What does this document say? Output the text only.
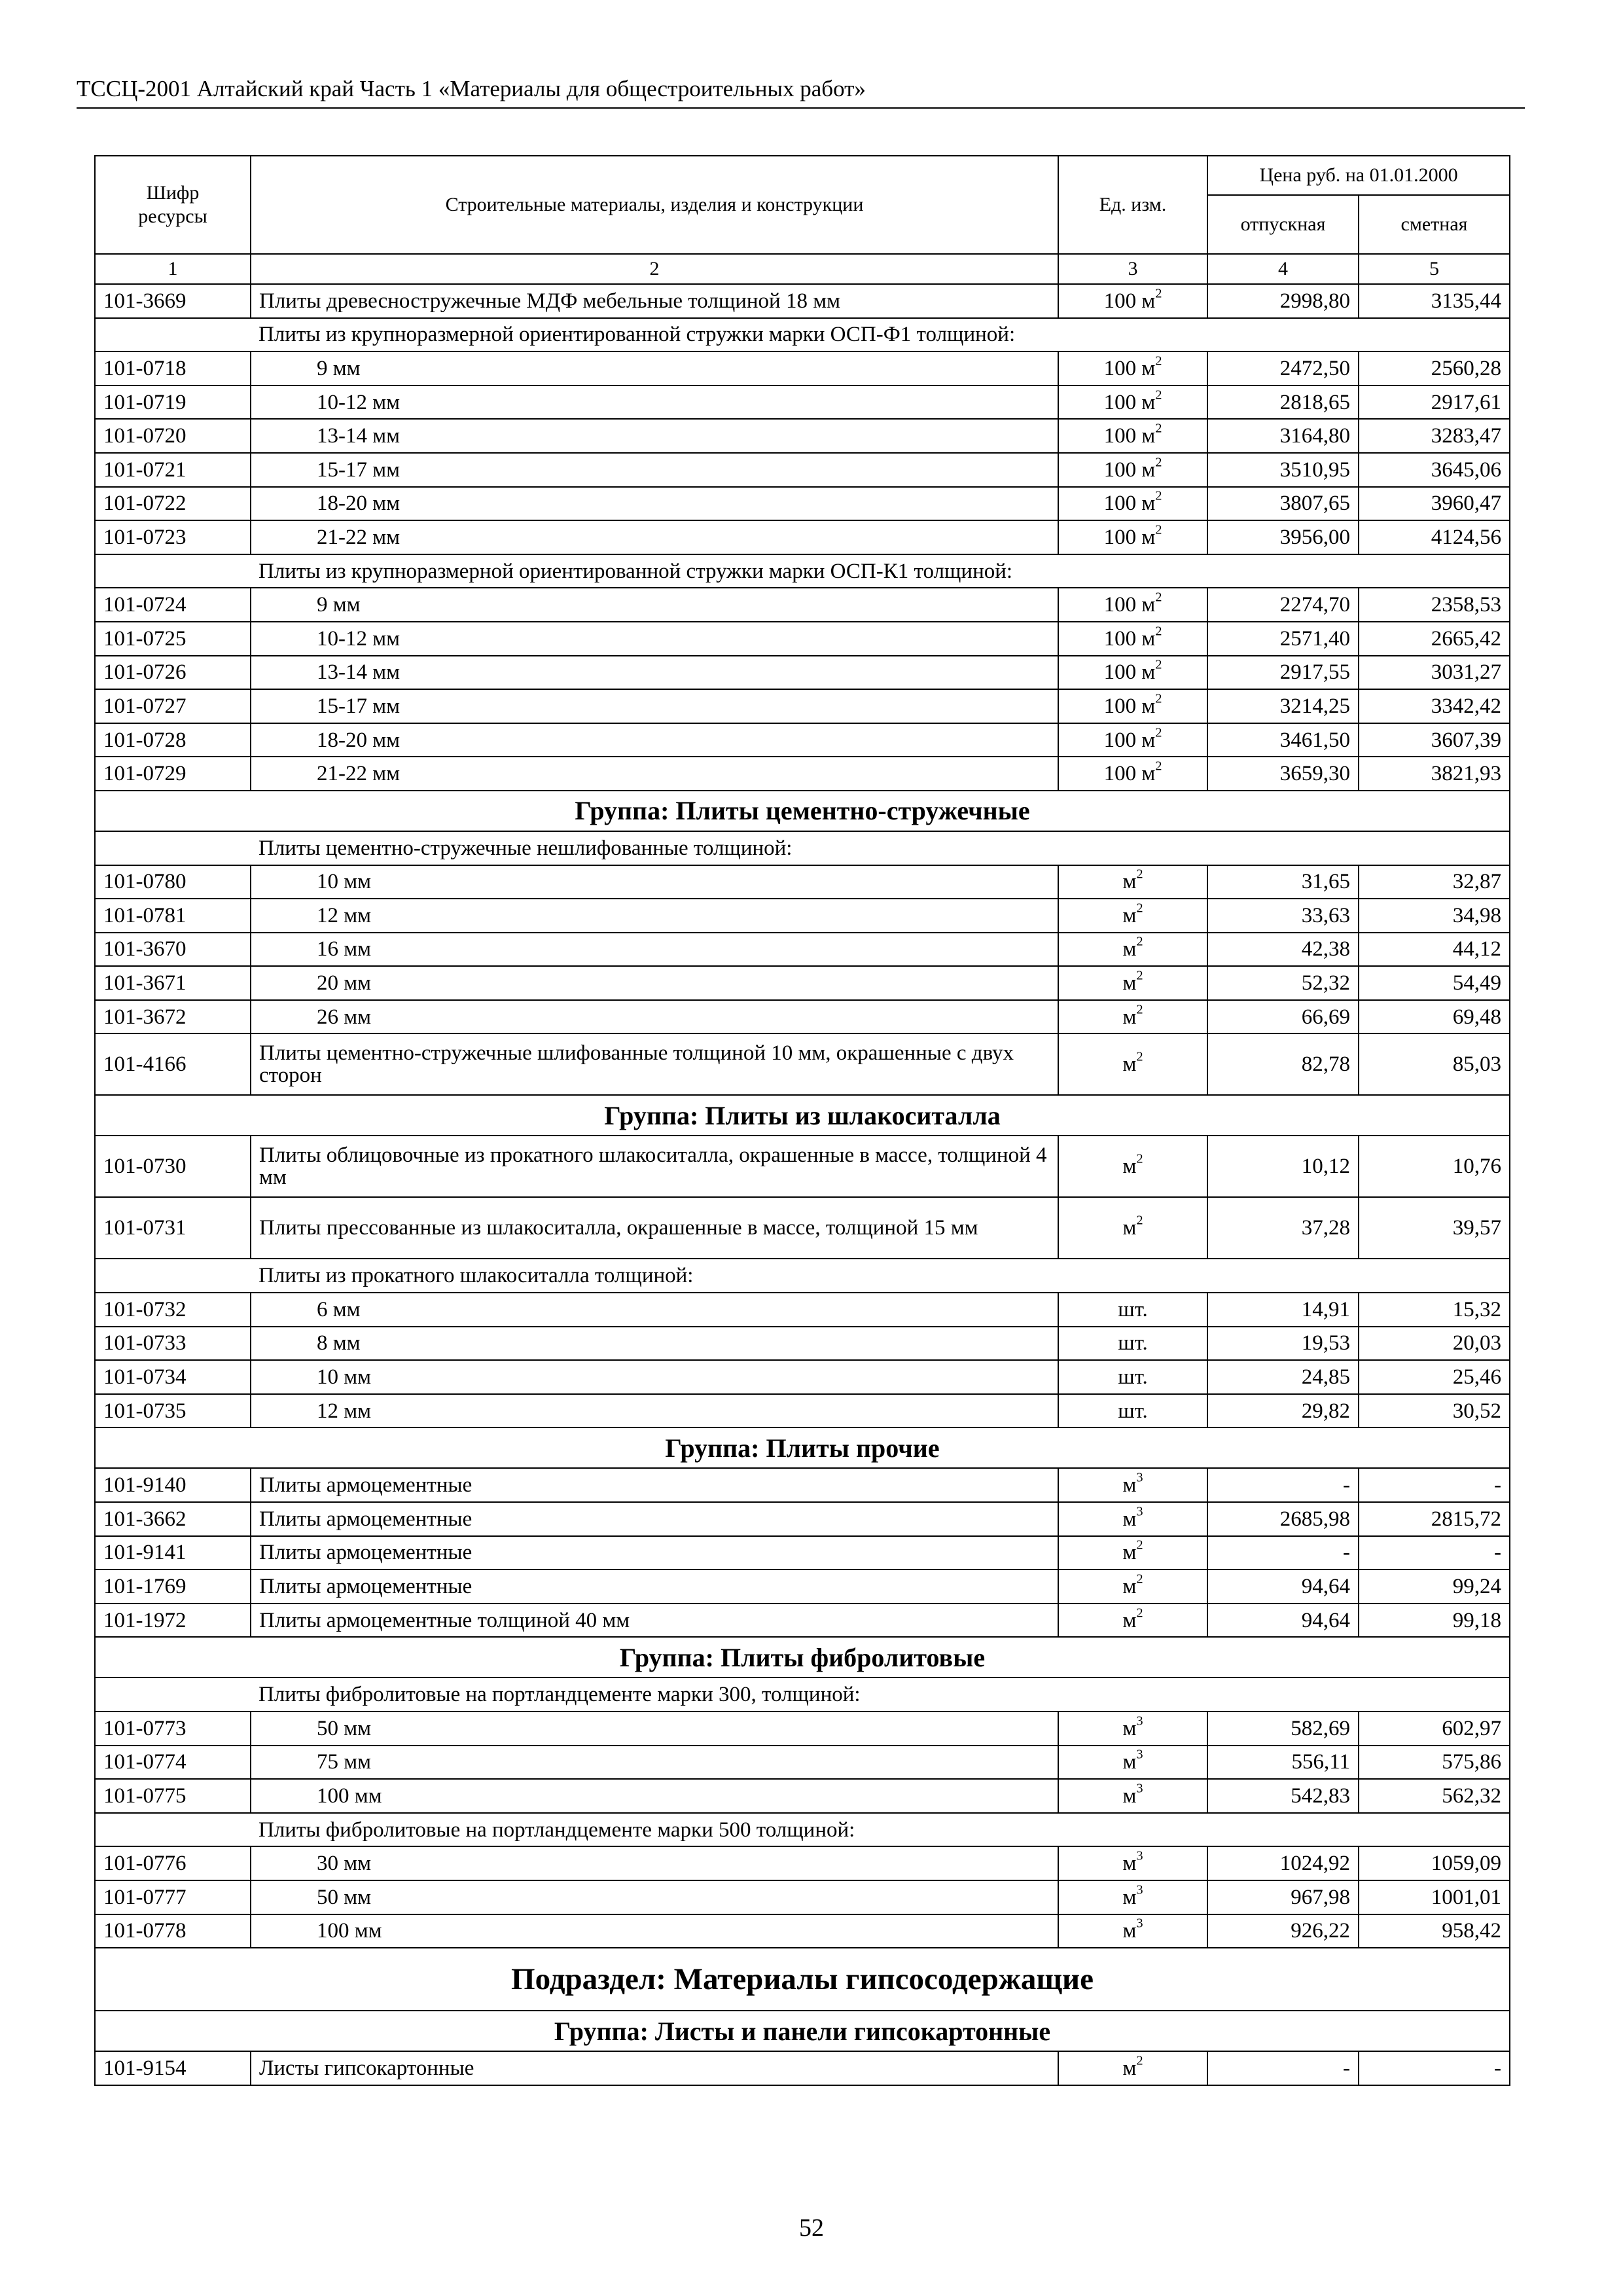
ТССЦ-2001 Алтайский край Часть 1 «Материалы для общестроительных работ»
Шифр ресурсы	Строительные материалы, изделия и конструкции	Ед. изм.	Цена руб. на 01.01.2000	
			отпускная	сметная
1	2	3	4	5
101-3669	Плиты древесностружечные МДФ мебельные толщиной 18 мм	100 $м^2$	2998,80	3135,44
	Плиты из крупноразмерной ориентированной стружки марки ОСП-Ф1 толщиной:			
101-0718	9 мм	100 $м^2$	2472,50	2560,28
101-0719	10-12 мм	100 $м^2$	2818,65	2917,61
101-0720	13-14 мм	100 $м^2$	3164,80	3283,47
101-0721	15-17 мм	100 $м^2$	3510,95	3645,06
101-0722	18-20 мм	100 $м^2$	3807,65	3960,47
101-0723	21-22 мм	100 $м^2$	3956,00	4124,56
	Плиты из крупноразмерной ориентированной стружки марки ОСП-К1 толщиной:			
101-0724	9 мм	100 $м^2$	2274,70	2358,53
101-0725	10-12 мм	100 $м^2$	2571,40	2665,42
101-0726	13-14 мм	100 $м^2$	2917,55	3031,27
101-0727	15-17 мм	100 $м^2$	3214,25	3342,42
101-0728	18-20 мм	100 $м^2$	3461,50	3607,39
101-0729	21-22 мм	100 $м^2$	3659,30	3821,93
Группа: Плиты цементно-стружечные				
	Плиты цементно-стружечные нешлифованные толщиной:			
101-0780	10 мм	$м^2$	31,65	32,87
101-0781	12 мм	$м^2$	33,63	34,98
101-3670	16 мм	$м^2$	42,38	44,12
101-3671	20 мм	$м^2$	52,32	54,49
101-3672	26 мм	$м^2$	66,69	69,48
101-4166	Плиты цементно-стружечные шлифованные толщиной 10 мм, окрашенные с двух сторон	$м^2$	82,78	85,03
Группа: Плиты из шлакоситалла				
101-0730	Плиты облицовочные из прокатного шлакоситалла, окрашенные в массе, толщиной 4 мм	$м^2$	10,12	10,76
101-0731	Плиты прессованные из шлакоситалла, окрашенные в массе, толщиной 15 мм	$м^2$	37,28	39,57
	Плиты из прокатного шлакоситалла толщиной:			
101-0732	6 мм	шт.	14,91	15,32
101-0733	8 мм	шт.	19,53	20,03
101-0734	10 мм	шт.	24,85	25,46
101-0735	12 мм	шт.	29,82	30,52
Группа: Плиты прочие				
101-9140	Плиты армоцементные	$м^3$	-	-
101-3662	Плиты армоцементные	$м^3$	2685,98	2815,72
101-9141	Плиты армоцементные	$м^2$	-	-
101-1769	Плиты армоцементные	$м^2$	94,64	99,24
101-1972	Плиты армоцементные толщиной 40 мм	$м^2$	94,64	99,18
Группа: Плиты фибролитовые				
	Плиты фибролитовые на портландцементе марки 300, толщиной:			
101-0773	50 мм	$м^3$	582,69	602,97
101-0774	75 мм	$м^3$	556,11	575,86
101-0775	100 мм	$м^3$	542,83	562,32
	Плиты фибролитовые на портландцементе марки 500 толщиной:			
101-0776	30 мм	$м^3$	1024,92	1059,09
101-0777	50 мм	$м^3$	967,98	1001,01
101-0778	100 мм	$м^3$	926,22	958,42
Подраздел: Материалы гипсосодержащие				
Группа: Листы и панели гипсокартонные				
101-9154	Листы гипсокартонные	$м^2$	-	-
52
